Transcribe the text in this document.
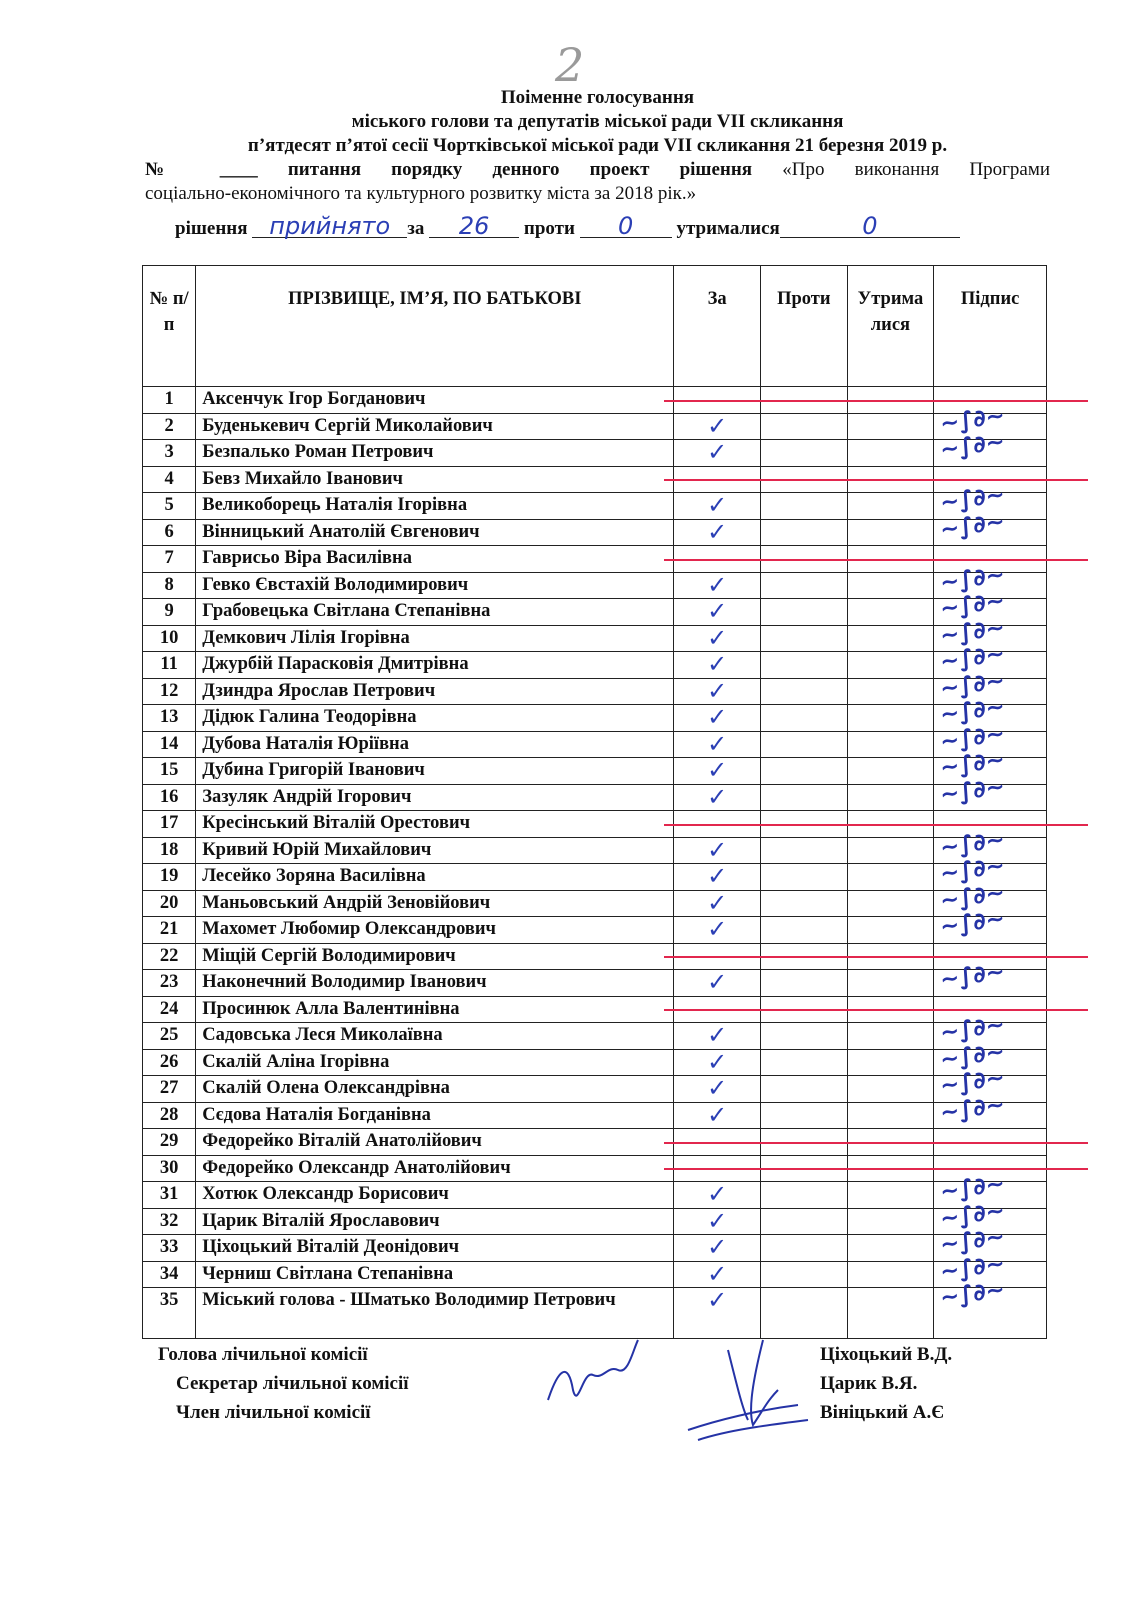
2
Поіменне голосування
міського голови та депутатів міської ради VII скликання
п’ятдесят п’ятої сесії Чортківської міської ради VII скликання 21 березня 2019 р.
№ ____ питання порядку денного проект рішення «Про виконання Програми
соціально-економічного та культурного розвитку міста за 2018 рік.»
рішення прийнято за 26 проти 0 утрималися	0
№ п/п	ПРІЗВИЩЕ, ІМ’Я, ПО БАТЬКОВІ	За	Проти	Утрималися	Підпис
1	Аксенчук Ігор Богданович				
2	Буденькевич Сергій Миколайович	✓			~∫∂~

3	Безпалько Роман Петрович	✓			~∫∂~

4	Бевз Михайло Іванович				
5	Великоборець Наталія Ігорівна	✓			~∫∂~

6	Вінницький Анатолій Євгенович	✓			~∫∂~

7	Гаврисьо Віра Василівна				
8	Гевко Євстахій Володимирович	✓			~∫∂~

9	Грабовецька Світлана Степанівна	✓			~∫∂~

10	Демкович Лілія Ігорівна	✓			~∫∂~

11	Джурбій Парасковія Дмитрівна	✓			~∫∂~

12	Дзиндра Ярослав Петрович	✓			~∫∂~

13	Дідюк Галина Теодорівна	✓			~∫∂~

14	Дубова Наталія Юріївна	✓			~∫∂~

15	Дубина Григорій Іванович	✓			~∫∂~

16	Зазуляк Андрій Ігорович	✓			~∫∂~

17	Кресінський Віталій Орестович				
18	Кривий Юрій Михайлович	✓			~∫∂~

19	Лесейко Зоряна Василівна	✓			~∫∂~

20	Маньовський Андрій Зеновійович	✓			~∫∂~

21	Махомет Любомир Олександрович	✓			~∫∂~

22	Міщій Сергій Володимирович				
23	Наконечний Володимир Іванович	✓			~∫∂~

24	Просинюк Алла Валентинівна				
25	Садовська Леся Миколаївна	✓			~∫∂~

26	Скалій Аліна Ігорівна	✓			~∫∂~

27	Скалій Олена Олександрівна	✓			~∫∂~

28	Сєдова Наталія Богданівна	✓			~∫∂~

29	Федорейко Віталій Анатолійович				
30	Федорейко Олександр Анатолійович				
31	Хотюк Олександр Борисович	✓			~∫∂~

32	Царик Віталій Ярославович	✓			~∫∂~

33	Ціхоцький Віталій Деонідович	✓			~∫∂~

34	Черниш Світлана Степанівна	✓			~∫∂~

35	Міський голова - Шматько Володимир Петрович	✓			~∫∂~
Голова лічильної комісії	Ціхоцький В.Д.
Секретар лічильної комісії	Царик В.Я.
Член лічильної комісії	Вініцький А.Є
